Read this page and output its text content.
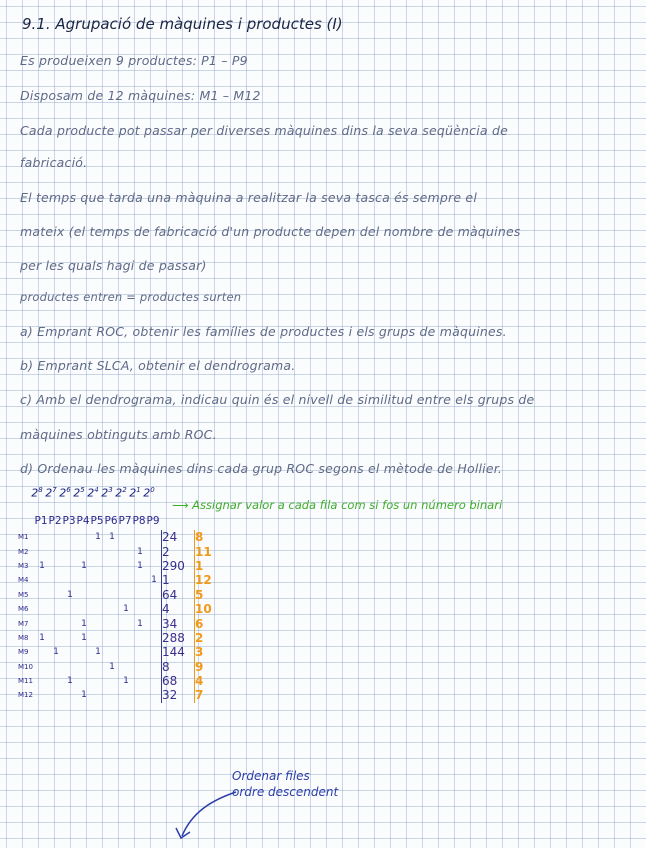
9.1. Agrupació de màquines i productes (I)
Es produeixen 9 productes: P1 – P9
Disposam de 12 màquines: M1 – M12
Cada producte pot passar per diverses màquines dins la seva seqüència de
fabricació.
El temps que tarda una màquina a realitzar la seva tasca és sempre el
mateix (el temps de fabricació d'un producte depen del nombre de màquines
per les quals hagi de passar)
productes entren = productes surten
a) Emprant ROC, obtenir les famílies de productes i els grups de màquines.
b) Emprant SLCA, obtenir el dendrograma.
c) Amb el dendrograma, indicau quin és el nivell de similitud entre els grups de
màquines obtinguts amb ROC.
d) Ordenau les màquines dins cada grup ROC segons el mètode de Hollier.
$2^8$ $2^7$ $2^6$ $2^5$ $2^4$ $2^3$ $2^2$ $2^1$ $2^0$
⟶ Assignar valor a cada fila com si fos un número binari
P1P2P3P4P5P6P7P8P9
M1					1	1				24	8
M2								1		2	11
M3	1			1				1		290	1
M4									1	1	12
M5			1							64	5
M6							1			4	10
M7				1				1		34	6
M8	1			1						288	2
M9		1			1					144	3
M10						1				8	9
M11			1				1			68	4
M12				1						32	7
Ordenar files
ordre descendent
